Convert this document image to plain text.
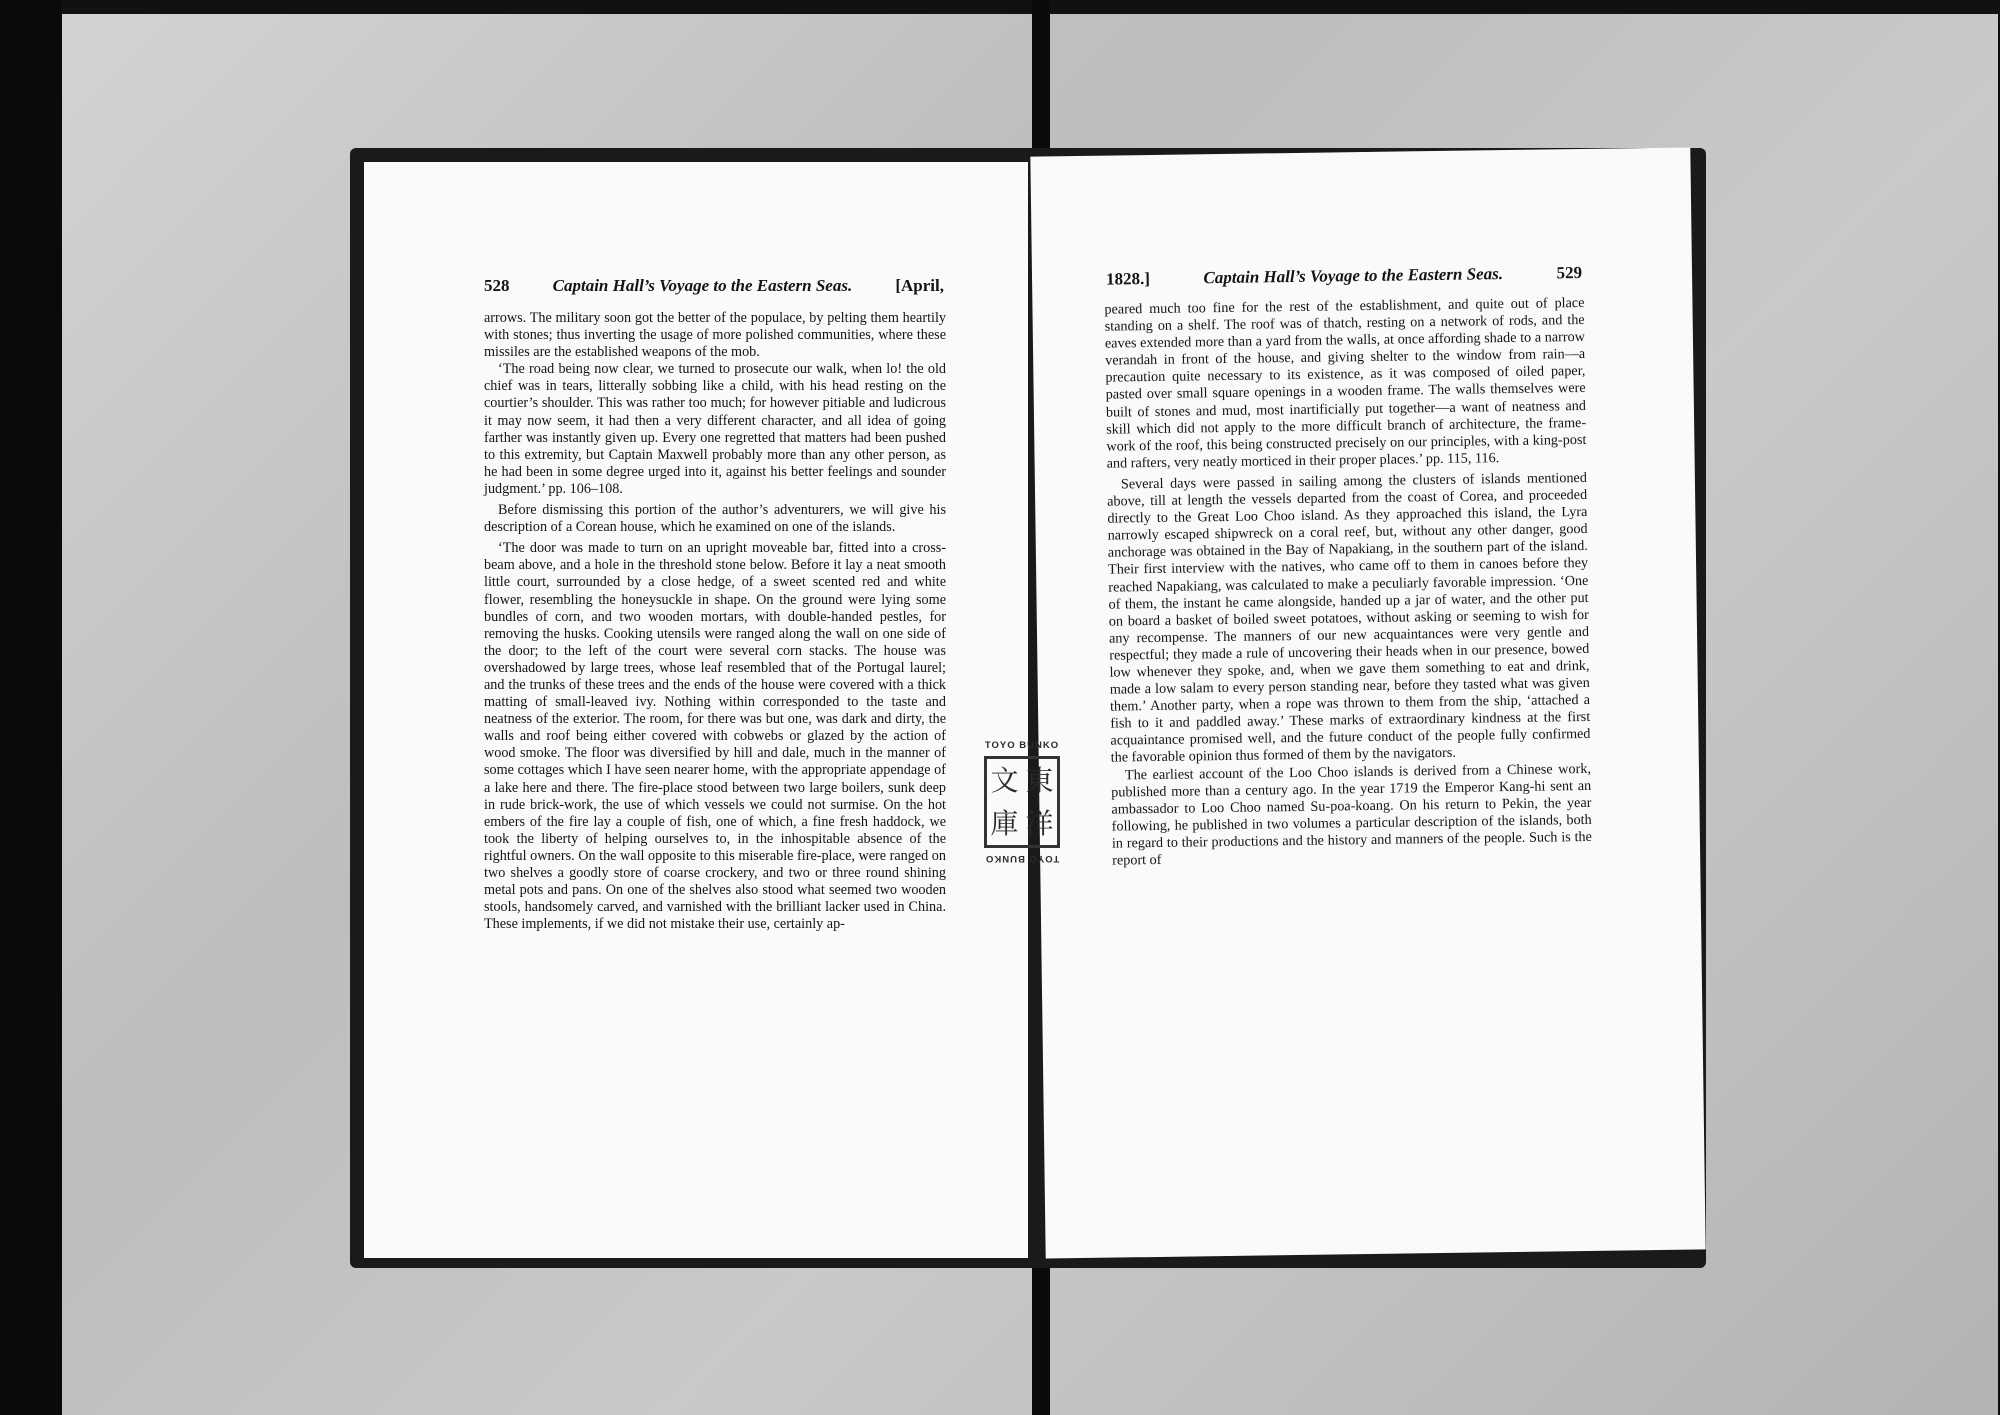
528	Captain Hall’s Voyage to the Eastern Seas.	[April,

arrows. The military soon got the better of the populace, by pelting them heartily with stones; thus inverting the usage of more polished communities, where these missiles are the established weapons of the mob.

‘The road being now clear, we turned to prosecute our walk, when lo! the old chief was in tears, litterally sobbing like a child, with his head resting on the courtier’s shoulder. This was rather too much; for however pitiable and ludicrous it may now seem, it had then a very different character, and all idea of going farther was instantly given up. Every one regretted that matters had been pushed to this extremity, but Captain Maxwell probably more than any other person, as he had been in some degree urged into it, against his better feelings and sounder judgment.’ pp. 106–108.

Before dismissing this portion of the author’s adventurers, we will give his description of a Corean house, which he examined on one of the islands.

‘The door was made to turn on an upright moveable bar, fitted into a cross-beam above, and a hole in the threshold stone below. Before it lay a neat smooth little court, surrounded by a close hedge, of a sweet scented red and white flower, resembling the honeysuckle in shape. On the ground were lying some bundles of corn, and two wooden mortars, with double-handed pestles, for removing the husks. Cooking utensils were ranged along the wall on one side of the door; to the left of the court were several corn stacks. The house was overshadowed by large trees, whose leaf resembled that of the Portugal laurel; and the trunks of these trees and the ends of the house were covered with a thick matting of small-leaved ivy. Nothing within corresponded to the taste and neatness of the exterior. The room, for there was but one, was dark and dirty, the walls and roof being either covered with cobwebs or glazed by the action of wood smoke. The floor was diversified by hill and dale, much in the manner of some cottages which I have seen nearer home, with the appropriate appendage of a lake here and there. The fire-place stood between two large boilers, sunk deep in rude brick-work, the use of which vessels we could not surmise. On the hot embers of the fire lay a couple of fish, one of which, a fine fresh haddock, we took the liberty of helping ourselves to, in the inhospitable absence of the rightful owners. On the wall opposite to this miserable fire-place, were ranged on two shelves a goodly store of coarse crockery, and two or three round shining metal pots and pans. On one of the shelves also stood what seemed two wooden stools, handsomely carved, and varnished with the brilliant lacker used in China. These implements, if we did not mistake their use, certainly ap-

1828.]	Captain Hall’s Voyage to the Eastern Seas.	529

peared much too fine for the rest of the establishment, and quite out of place standing on a shelf. The roof was of thatch, resting on a network of rods, and the eaves extended more than a yard from the walls, at once affording shade to a narrow verandah in front of the house, and giving shelter to the window from rain—a precaution quite necessary to its existence, as it was composed of oiled paper, pasted over small square openings in a wooden frame. The walls themselves were built of stones and mud, most inartificially put together—a want of neatness and skill which did not apply to the more difficult branch of architecture, the frame-work of the roof, this being constructed precisely on our principles, with a king-post and rafters, very neatly morticed in their proper places.’ pp. 115, 116.

Several days were passed in sailing among the clusters of islands mentioned above, till at length the vessels departed from the coast of Corea, and proceeded directly to the Great Loo Choo island. As they approached this island, the Lyra narrowly escaped shipwreck on a coral reef, but, without any other danger, good anchorage was obtained in the Bay of Napakiang, in the southern part of the island. Their first interview with the natives, who came off to them in canoes before they reached Napakiang, was calculated to make a peculiarly favorable impression. ‘One of them, the instant he came alongside, handed up a jar of water, and the other put on board a basket of boiled sweet potatoes, without asking or seeming to wish for any recompense. The manners of our new acquaintances were very gentle and respectful; they made a rule of uncovering their heads when in our presence, bowed low whenever they spoke, and, when we gave them something to eat and drink, made a low salam to every person standing near, before they tasted what was given them.’ Another party, when a rope was thrown to them from the ship, ‘attached a fish to it and paddled away.’ These marks of extraordinary kindness at the first acquaintance promised well, and the future conduct of the people fully confirmed the favorable opinion thus formed of them by the navigators.

The earliest account of the Loo Choo islands is derived from a Chinese work, published more than a century ago. In the year 1719 the Emperor Kang-hi sent an ambassador to Loo Choo named Su-poa-koang. On his return to Pekin, the year following, he published in two volumes a particular description of the islands, both in regard to their productions and the history and manners of the people. Such is the report of

TOYO BUNKO
文 東
庫 洋
TOYO BUNKO
